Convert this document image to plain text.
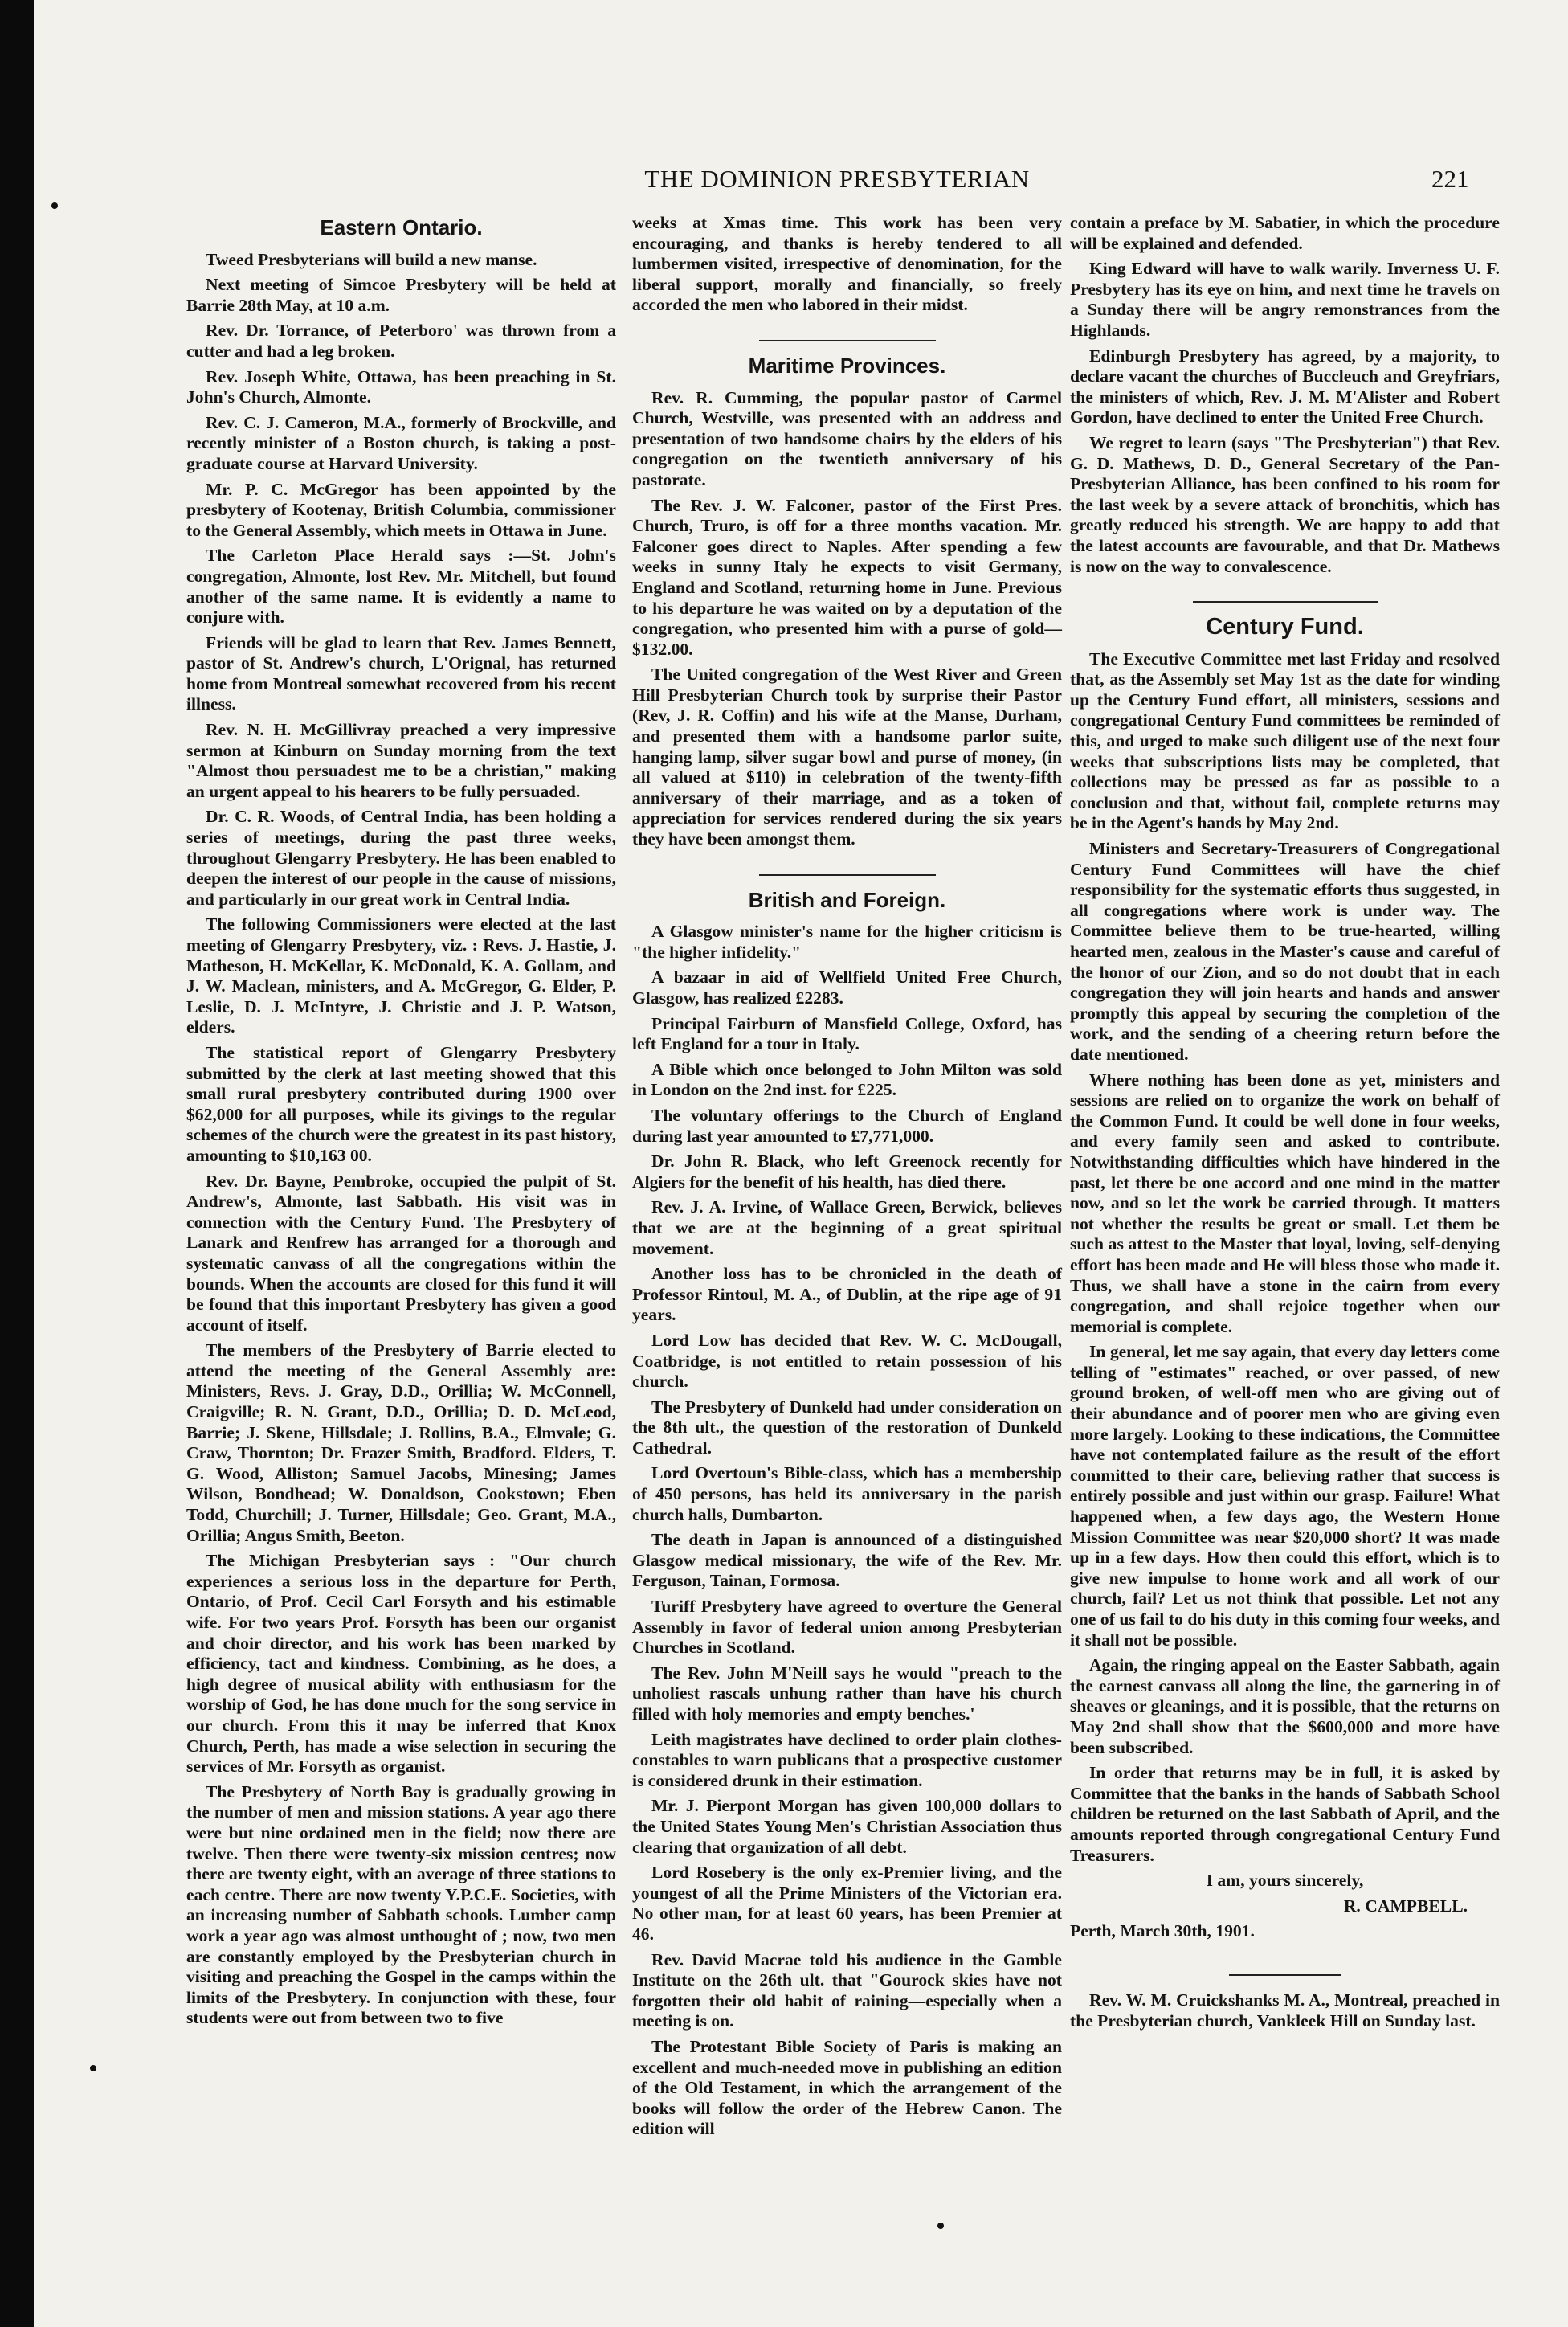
THE DOMINION PRESBYTERIAN	221
Eastern Ontario.

Tweed Presbyterians will build a new manse.

Next meeting of Simcoe Presbytery will be held at Barrie 28th May, at 10 a.m.

Rev. Dr. Torrance, of Peterboro' was thrown from a cutter and had a leg broken.

Rev. Joseph White, Ottawa, has been preaching in St. John's Church, Almonte.

Rev. C. J. Cameron, M.A., formerly of Brockville, and recently minister of a Boston church, is taking a post-graduate course at Harvard University.

Mr. P. C. McGregor has been appointed by the presbytery of Kootenay, British Columbia, commissioner to the General Assembly, which meets in Ottawa in June.

The Carleton Place Herald says :—St. John's congregation, Almonte, lost Rev. Mr. Mitchell, but found another of the same name. It is evidently a name to conjure with.

Friends will be glad to learn that Rev. James Bennett, pastor of St. Andrew's church, L'Orignal, has returned home from Montreal somewhat recovered from his recent illness.

Rev. N. H. McGillivray preached a very impressive sermon at Kinburn on Sunday morning from the text "Almost thou persuadest me to be a christian," making an urgent appeal to his hearers to be fully persuaded.

Dr. C. R. Woods, of Central India, has been holding a series of meetings, during the past three weeks, throughout Glengarry Presbytery. He has been enabled to deepen the interest of our people in the cause of missions, and particularly in our great work in Central India.

The following Commissioners were elected at the last meeting of Glengarry Presbytery, viz. : Revs. J. Hastie, J. Matheson, H. McKellar, K. McDonald, K. A. Gollam, and J. W. Maclean, ministers, and A. McGregor, G. Elder, P. Leslie, D. J. McIntyre, J. Christie and J. P. Watson, elders.

The statistical report of Glengarry Presbytery submitted by the clerk at last meeting showed that this small rural presbytery contributed during 1900 over $62,000 for all purposes, while its givings to the regular schemes of the church were the greatest in its past history, amounting to $10,163 00.

Rev. Dr. Bayne, Pembroke, occupied the pulpit of St. Andrew's, Almonte, last Sabbath. His visit was in connection with the Century Fund. The Presbytery of Lanark and Renfrew has arranged for a thorough and systematic canvass of all the congregations within the bounds. When the accounts are closed for this fund it will be found that this important Presbytery has given a good account of itself.

The members of the Presbytery of Barrie elected to attend the meeting of the General Assembly are: Ministers, Revs. J. Gray, D.D., Orillia; W. McConnell, Craigville; R. N. Grant, D.D., Orillia; D. D. McLeod, Barrie; J. Skene, Hillsdale; J. Rollins, B.A., Elmvale; G. Craw, Thornton; Dr. Frazer Smith, Bradford. Elders, T. G. Wood, Alliston; Samuel Jacobs, Minesing; James Wilson, Bondhead; W. Donaldson, Cookstown; Eben Todd, Churchill; J. Turner, Hillsdale; Geo. Grant, M.A., Orillia; Angus Smith, Beeton.

The Michigan Presbyterian says : "Our church experiences a serious loss in the departure for Perth, Ontario, of Prof. Cecil Carl Forsyth and his estimable wife. For two years Prof. Forsyth has been our organist and choir director, and his work has been marked by efficiency, tact and kindness. Combining, as he does, a high degree of musical ability with enthusiasm for the worship of God, he has done much for the song service in our church. From this it may be inferred that Knox Church, Perth, has made a wise selection in securing the services of Mr. Forsyth as organist.

The Presbytery of North Bay is gradually growing in the number of men and mission stations. A year ago there were but nine ordained men in the field; now there are twelve. Then there were twenty-six mission centres; now there are twenty eight, with an average of three stations to each centre. There are now twenty Y.P.C.E. Societies, with an increasing number of Sabbath schools. Lumber camp work a year ago was almost unthought of ; now, two men are constantly employed by the Presbyterian church in visiting and preaching the Gospel in the camps within the limits of the Presbytery. In conjunction with these, four students were out from between two to five

weeks at Xmas time. This work has been very encouraging, and thanks is hereby tendered to all lumbermen visited, irrespective of denomination, for the liberal support, morally and financially, so freely accorded the men who labored in their midst.

Maritime Provinces.

Rev. R. Cumming, the popular pastor of Carmel Church, Westville, was presented with an address and presentation of two handsome chairs by the elders of his congregation on the twentieth anniversary of his pastorate.

The Rev. J. W. Falconer, pastor of the First Pres. Church, Truro, is off for a three months vacation. Mr. Falconer goes direct to Naples. After spending a few weeks in sunny Italy he expects to visit Germany, England and Scotland, returning home in June. Previous to his departure he was waited on by a deputation of the congregation, who presented him with a purse of gold—$132.00.

The United congregation of the West River and Green Hill Presbyterian Church took by surprise their Pastor (Rev, J. R. Coffin) and his wife at the Manse, Durham, and presented them with a handsome parlor suite, hanging lamp, silver sugar bowl and purse of money, (in all valued at $110) in celebration of the twenty-fifth anniversary of their marriage, and as a token of appreciation for services rendered during the six years they have been amongst them.

British and Foreign.

A Glasgow minister's name for the higher criticism is "the higher infidelity."

A bazaar in aid of Wellfield United Free Church, Glasgow, has realized £2283.

Principal Fairburn of Mansfield College, Oxford, has left England for a tour in Italy.

A Bible which once belonged to John Milton was sold in London on the 2nd inst. for £225.

The voluntary offerings to the Church of England during last year amounted to £7,771,000.

Dr. John R. Black, who left Greenock recently for Algiers for the benefit of his health, has died there.

Rev. J. A. Irvine, of Wallace Green, Berwick, believes that we are at the beginning of a great spiritual movement.

Another loss has to be chronicled in the death of Professor Rintoul, M. A., of Dublin, at the ripe age of 91 years.

Lord Low has decided that Rev. W. C. McDougall, Coatbridge, is not entitled to retain possession of his church.

The Presbytery of Dunkeld had under consideration on the 8th ult., the question of the restoration of Dunkeld Cathedral.

Lord Overtoun's Bible-class, which has a membership of 450 persons, has held its anniversary in the parish church halls, Dumbarton.

The death in Japan is announced of a distinguished Glasgow medical missionary, the wife of the Rev. Mr. Ferguson, Tainan, Formosa.

Turiff Presbytery have agreed to overture the General Assembly in favor of federal union among Presbyterian Churches in Scotland.

The Rev. John M'Neill says he would "preach to the unholiest rascals unhung rather than have his church filled with holy memories and empty benches.'

Leith magistrates have declined to order plain clothes-constables to warn publicans that a prospective customer is considered drunk in their estimation.

Mr. J. Pierpont Morgan has given 100,000 dollars to the United States Young Men's Christian Association thus clearing that organization of all debt.

Lord Rosebery is the only ex-Premier living, and the youngest of all the Prime Ministers of the Victorian era. No other man, for at least 60 years, has been Premier at 46.

Rev. David Macrae told his audience in the Gamble Institute on the 26th ult. that "Gourock skies have not forgotten their old habit of raining—especially when a meeting is on.

The Protestant Bible Society of Paris is making an excellent and much-needed move in publishing an edition of the Old Testament, in which the arrangement of the books will follow the order of the Hebrew Canon. The edition will

contain a preface by M. Sabatier, in which the procedure will be explained and defended.

King Edward will have to walk warily. Inverness U. F. Presbytery has its eye on him, and next time he travels on a Sunday there will be angry remonstrances from the Highlands.

Edinburgh Presbytery has agreed, by a majority, to declare vacant the churches of Buccleuch and Greyfriars, the ministers of which, Rev. J. M. M'Alister and Robert Gordon, have declined to enter the United Free Church.

We regret to learn (says "The Presbyterian") that Rev. G. D. Mathews, D. D., General Secretary of the Pan-Presbyterian Alliance, has been confined to his room for the last week by a severe attack of bronchitis, which has greatly reduced his strength. We are happy to add that the latest accounts are favourable, and that Dr. Mathews is now on the way to convalescence.

Century Fund.

The Executive Committee met last Friday and resolved that, as the Assembly set May 1st as the date for winding up the Century Fund effort, all ministers, sessions and congregational Century Fund committees be reminded of this, and urged to make such diligent use of the next four weeks that subscriptions lists may be completed, that collections may be pressed as far as possible to a conclusion and that, without fail, complete returns may be in the Agent's hands by May 2nd.

Ministers and Secretary-Treasurers of Congregational Century Fund Committees will have the chief responsibility for the systematic efforts thus suggested, in all congregations where work is under way. The Committee believe them to be true-hearted, willing hearted men, zealous in the Master's cause and careful of the honor of our Zion, and so do not doubt that in each congregation they will join hearts and hands and answer promptly this appeal by securing the completion of the work, and the sending of a cheering return before the date mentioned.

Where nothing has been done as yet, ministers and sessions are relied on to organize the work on behalf of the Common Fund. It could be well done in four weeks, and every family seen and asked to contribute. Notwithstanding difficulties which have hindered in the past, let there be one accord and one mind in the matter now, and so let the work be carried through. It matters not whether the results be great or small. Let them be such as attest to the Master that loyal, loving, self-denying effort has been made and He will bless those who made it. Thus, we shall have a stone in the cairn from every congregation, and shall rejoice together when our memorial is complete.

In general, let me say again, that every day letters come telling of "estimates" reached, or over passed, of new ground broken, of well-off men who are giving out of their abundance and of poorer men who are giving even more largely. Looking to these indications, the Committee have not contemplated failure as the result of the effort committed to their care, believing rather that success is entirely possible and just within our grasp. Failure! What happened when, a few days ago, the Western Home Mission Committee was near $20,000 short? It was made up in a few days. How then could this effort, which is to give new impulse to home work and all work of our church, fail? Let us not think that possible. Let not any one of us fail to do his duty in this coming four weeks, and it shall not be possible.

Again, the ringing appeal on the Easter Sabbath, again the earnest canvass all along the line, the garnering in of sheaves or gleanings, and it is possible, that the returns on May 2nd shall show that the $600,000 and more have been subscribed.

In order that returns may be in full, it is asked by Committee that the banks in the hands of Sabbath School children be returned on the last Sabbath of April, and the amounts reported through congregational Century Fund Treasurers.

I am, yours sincerely,

R. CAMPBELL.

Perth, March 30th, 1901.

Rev. W. M. Cruickshanks M. A., Montreal, preached in the Presbyterian church, Vankleek Hill on Sunday last.
